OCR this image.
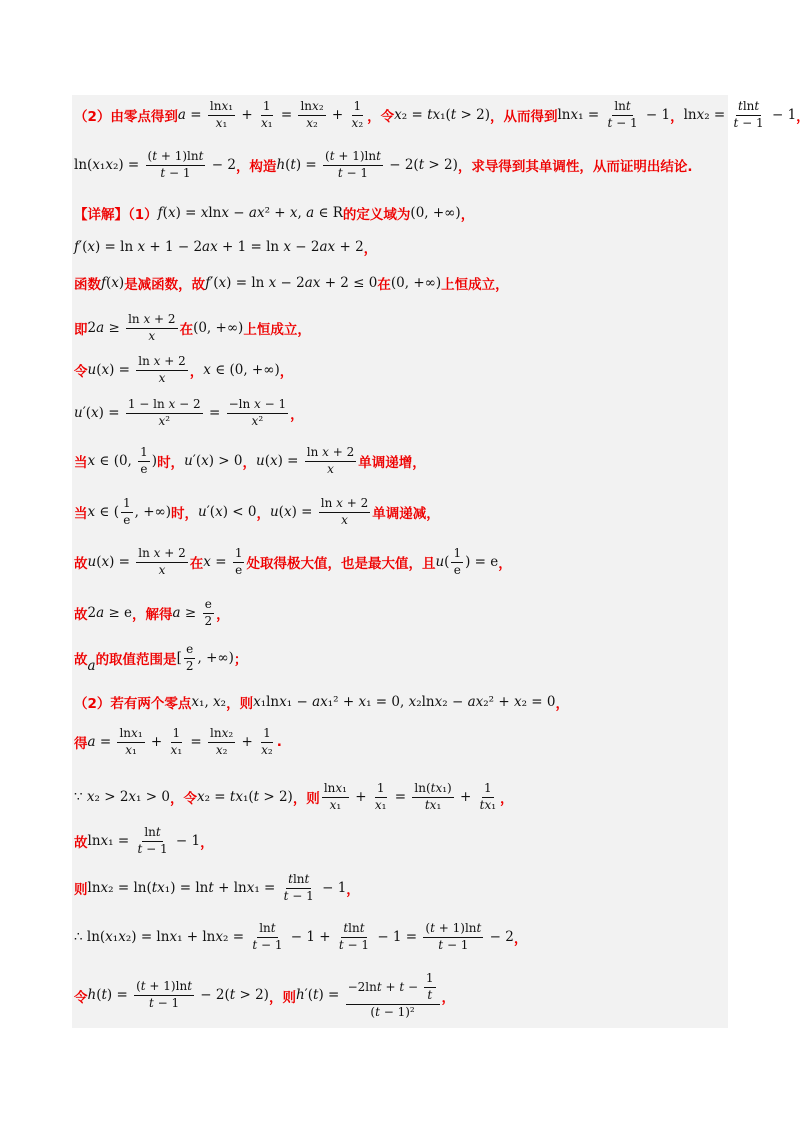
（2）由零点得到 $a = \frac{\text{lnx₁}}{\text{x₁}} + \frac{1}{\text{x₁}} = \frac{\text{lnx₂}}{\text{x₂}} + \frac{1}{\text{x₂}}$ ，令 x₂ = tx₁(t > 2) ，从而得到 $\ln x_1 = \frac{\ln t}{t - 1} - 1$ ， $\ln x_2 = \frac{tlnt}{t - 1} - 1$ ，
$\ln(x_1x_2) = \frac{(t + 1)\ln t}{t - 1} - 2$ ，构造 $h(t) = \frac{(t + 1)\ln t}{t - 1} - 2(t > 2)$ ，求导得到其单调性，从而证明出结论.
【详解】（1） f(x) = xlnx − ax² + x, a ∈ R 的定义域为 (0, +∞) ，
f′(x) = ln x + 1 − 2ax + 1 = ln x − 2ax + 2 ，
函数 f(x) 是减函数，故 f′(x) = ln x − 2ax + 2 ≤ 0 在 (0, +∞) 上恒成立，
即 $2a \ge \frac{\text{ln x + 2}}{x}$ 在 (0, +∞) 上恒成立，
令 $u(x) = \frac{\text{ln x + 2}}{x}$ ， x ∈ (0, +∞) ，
$u'(x) = \frac{\text{1 − ln x − 2}}{\text{x²}} = \frac{\text{−ln x − 1}}{\text{x²}}$ ，
当 x ∈ (0, $\frac{1}{e}$ ) 时， u′(x) > 0 ， $u(x) = \frac{\text{ln x + 2}}{x}$ 单调递增，
当 x ∈ ( $\frac{1}{e}$ , +∞) 时， u′(x) < 0 ， $u(x) = \frac{\text{ln x + 2}}{x}$ 单调递减，
故 $u(x) = \frac{\text{ln x + 2}}{x}$ 在 $x = \frac{1}{e}$ 处取得极大值，也是最大值，且 $u( \frac{1}{e}$ ) = e ，
故 2a ≥ e ，解得 $a \ge \frac{e}{2}$ ，
故 a 的取值范围是 [ $\frac{e}{2}$ , +∞) ；
（2）若有两个零点 x₁, x₂ ，则 x₁lnx₁ − ax₁² + x₁ = 0, x₂lnx₂ − ax₂² + x₂ = 0 ，
得 $a = \frac{\text{lnx₁}}{\text{x₁}} + \frac{1}{\text{x₁}} = \frac{\text{lnx₂}}{\text{x₂}} + \frac{1}{\text{x₂}}$ .
∵ x₂ > 2x₁ > 0 ，令 x₂ = tx₁(t > 2) ，则 $\frac{\text{lnx₁}}{\text{x₁}} + \frac{1}{\text{x₁}} = \frac{\text{ln(tx₁)}}{\text{tx₁}} + \frac{1}{\text{tx₁}}$ ，
故 $\ln x_1 = \frac{\ln t}{t - 1} - 1$ ，
则 $\ln x_2 = \ln(tx_1) = \ln t + \ln x_1 = \frac{tlnt}{t - 1} - 1$ ，
∴ $\ln(x_1x_2) = \ln x_1 + \ln x_2 = \frac{\ln t}{t - 1} - 1 + \frac{tlnt}{t - 1} - 1 = \frac{(t + 1)\ln t}{t - 1} - 2$ ，
令 $h(t) = \frac{(t + 1)\ln t}{t - 1} - 2(t > 2)$ ，则 $h'(t) = \frac{-2\ln t + t - \frac{1}{t}}{\text{(t − 1)²}}$ ，
